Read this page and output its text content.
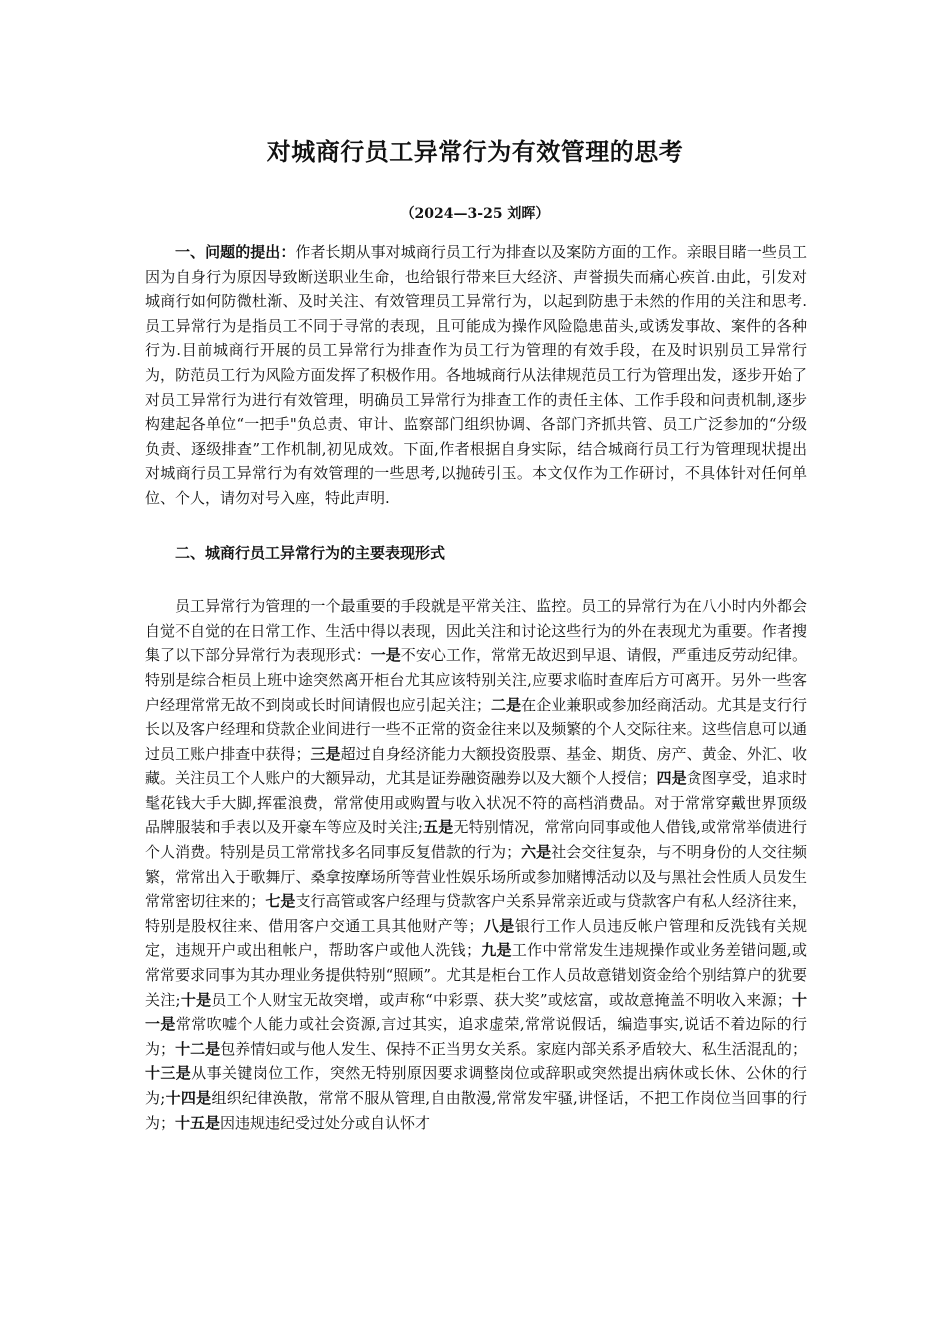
对城商行员工异常行为有效管理的思考
（2024—3-25 刘晖）

一、问题的提出：作者长期从事对城商行员工行为排查以及案防方面的工作。亲眼目睹一些员工因为自身行为原因导致断送职业生命，也给银行带来巨大经济、声誉损失而痛心疾首.由此，引发对城商行如何防微杜渐、及时关注、有效管理员工异常行为，以起到防患于未然的作用的关注和思考.员工异常行为是指员工不同于寻常的表现，且可能成为操作风险隐患苗头,或诱发事故、案件的各种行为.目前城商行开展的员工异常行为排查作为员工行为管理的有效手段，在及时识别员工异常行为，防范员工行为风险方面发挥了积极作用。各地城商行从法律规范员工行为管理出发，逐步开始了对员工异常行为进行有效管理，明确员工异常行为排查工作的责任主体、工作手段和问责机制,逐步构建起各单位“一把手"负总责、审计、监察部门组织协调、各部门齐抓共管、员工广泛参加的“分级负责、逐级排查”工作机制,初见成效。下面,作者根据自身实际，结合城商行员工行为管理现状提出对城商行员工异常行为有效管理的一些思考,以抛砖引玉。本文仅作为工作研讨，不具体针对任何单位、个人，请勿对号入座，特此声明.

二、城商行员工异常行为的主要表现形式

员工异常行为管理的一个最重要的手段就是平常关注、监控。员工的异常行为在八小时内外都会自觉不自觉的在日常工作、生活中得以表现，因此关注和讨论这些行为的外在表现尤为重要。作者搜集了以下部分异常行为表现形式：一是不安心工作，常常无故迟到早退、请假，严重违反劳动纪律。特别是综合柜员上班中途突然离开柜台尤其应该特别关注,应要求临时查库后方可离开。另外一些客户经理常常无故不到岗或长时间请假也应引起关注；二是在企业兼职或参加经商活动。尤其是支行行长以及客户经理和贷款企业间进行一些不正常的资金往来以及频繁的个人交际往来。这些信息可以通过员工账户排查中获得；三是超过自身经济能力大额投资股票、基金、期货、房产、黄金、外汇、收藏。关注员工个人账户的大额异动，尤其是证券融资融券以及大额个人授信；四是贪图享受，追求时髦花钱大手大脚,挥霍浪费，常常使用或购置与收入状况不符的高档消费品。对于常常穿戴世界顶级品牌服装和手表以及开豪车等应及时关注;五是无特别情况，常常向同事或他人借钱,或常常举债进行个人消费。特别是员工常常找多名同事反复借款的行为；六是社会交往复杂，与不明身份的人交往频繁，常常出入于歌舞厅、桑拿按摩场所等营业性娱乐场所或参加赌博活动以及与黑社会性质人员发生常常密切往来的；七是支行高管或客户经理与贷款客户关系异常亲近或与贷款客户有私人经济往来，特别是股权往来、借用客户交通工具其他财产等；八是银行工作人员违反帐户管理和反洗钱有关规定，违规开户或出租帐户，帮助客户或他人洗钱；九是工作中常常发生违规操作或业务差错问题,或常常要求同事为其办理业务提供特别“照顾”。尤其是柜台工作人员故意错划资金给个别结算户的犹要关注;十是员工个人财宝无故突增，或声称“中彩票、获大奖”或炫富，或故意掩盖不明收入来源；十一是常常吹嘘个人能力或社会资源,言过其实，追求虚荣,常常说假话，编造事实,说话不着边际的行为；十二是包养情妇或与他人发生、保持不正当男女关系。家庭内部关系矛盾较大、私生活混乱的；十三是从事关键岗位工作，突然无特别原因要求调整岗位或辞职或突然提出病休或长休、公休的行为;十四是组织纪律涣散，常常不服从管理,自由散漫,常常发牢骚,讲怪话，不把工作岗位当回事的行为；十五是因违规违纪受过处分或自认怀才
